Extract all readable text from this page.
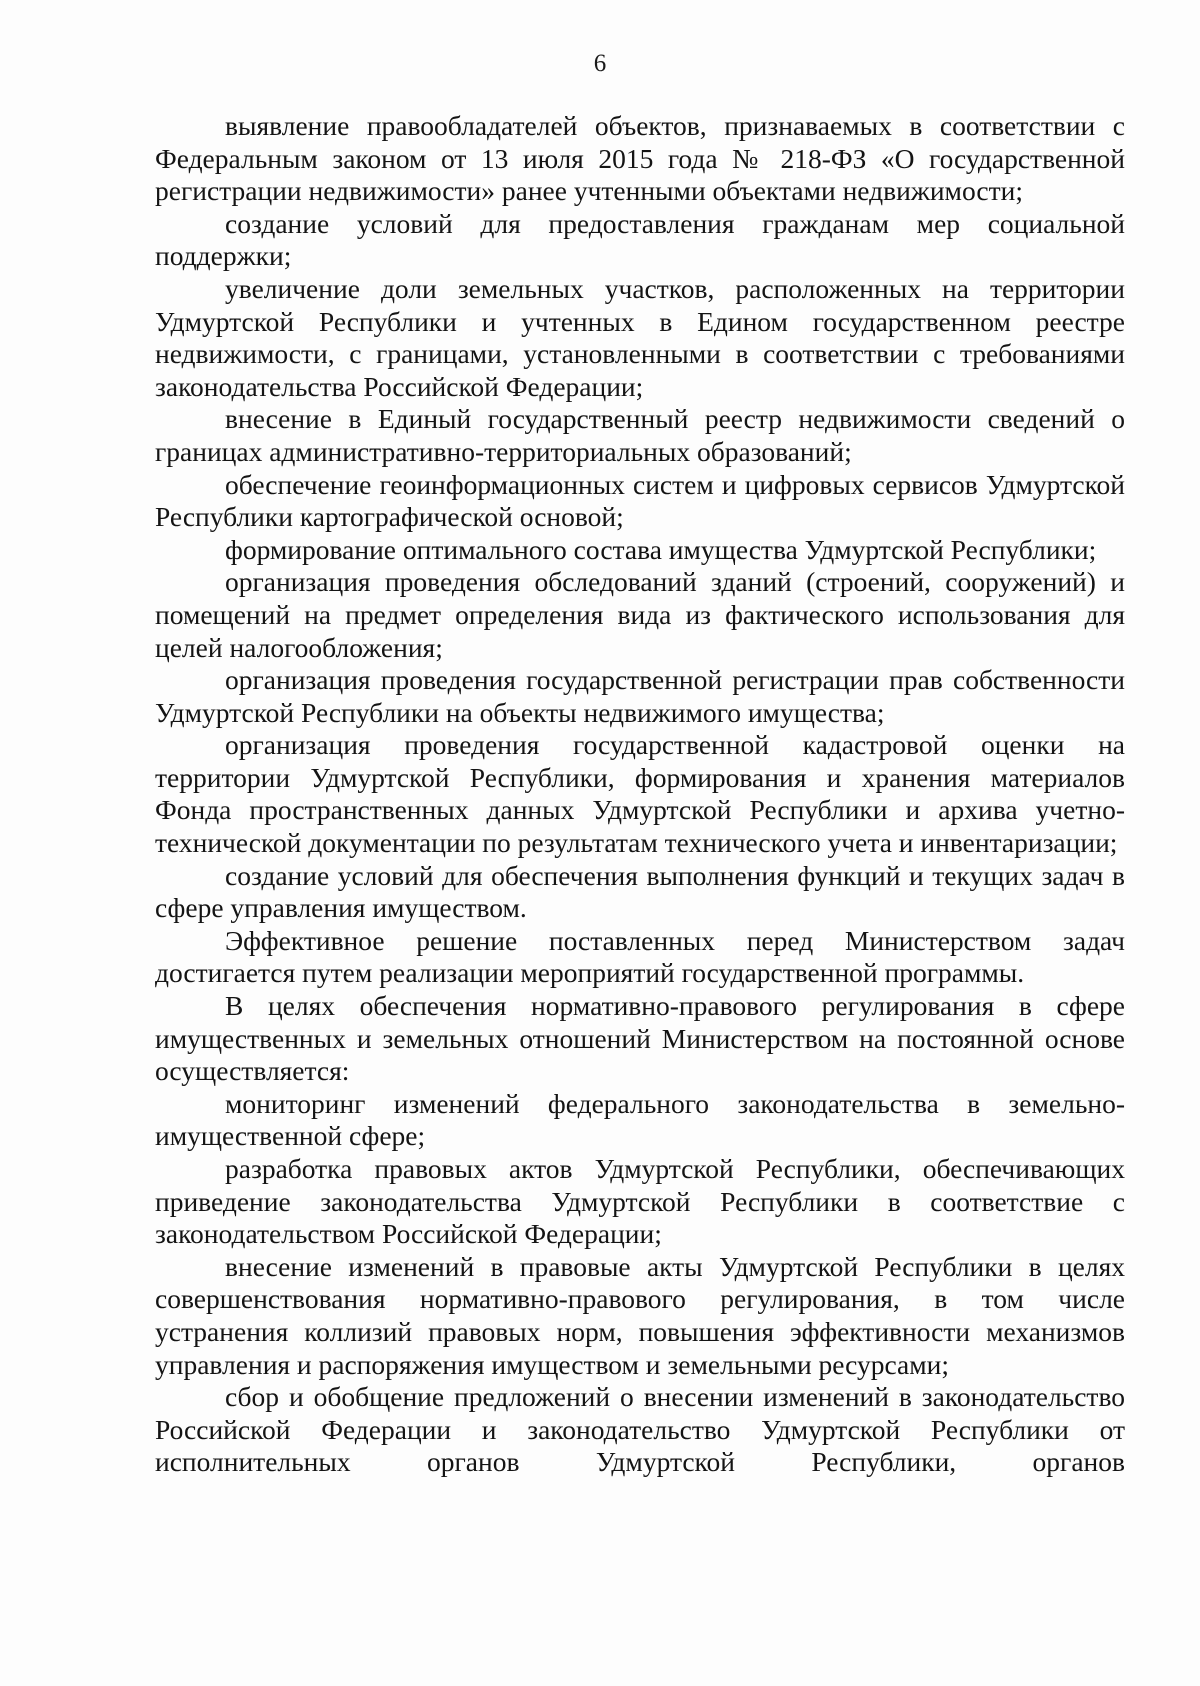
6

выявление правообладателей объектов, признаваемых в соответствии с Федеральным законом от 13 июля 2015 года № 218-ФЗ «О государственной регистрации недвижимости» ранее учтенными объектами недвижимости;

создание условий для предоставления гражданам мер социальной поддержки;

увеличение доли земельных участков, расположенных на территории Удмуртской Республики и учтенных в Едином государственном реестре недвижимости, с границами, установленными в соответствии с требованиями законодательства Российской Федерации;

внесение в Единый государственный реестр недвижимости сведений о границах административно-территориальных образований;

обеспечение геоинформационных систем и цифровых сервисов Удмуртской Республики картографической основой;

формирование оптимального состава имущества Удмуртской Республики;

организация проведения обследований зданий (строений, сооружений) и помещений на предмет определения вида из фактического использования для целей налогообложения;

организация проведения государственной регистрации прав собственности Удмуртской Республики на объекты недвижимого имущества;

организация проведения государственной кадастровой оценки на территории Удмуртской Республики, формирования и хранения материалов Фонда пространственных данных Удмуртской Республики и архива учетно-технической документации по результатам технического учета и инвентаризации;

создание условий для обеспечения выполнения функций и текущих задач в сфере управления имуществом.

Эффективное решение поставленных перед Министерством задач достигается путем реализации мероприятий государственной программы.

В целях обеспечения нормативно-правового регулирования в сфере имущественных и земельных отношений Министерством на постоянной основе осуществляется:

мониторинг изменений федерального законодательства в земельно-имущественной сфере;

разработка правовых актов Удмуртской Республики, обеспечивающих приведение законодательства Удмуртской Республики в соответствие с законодательством Российской Федерации;

внесение изменений в правовые акты Удмуртской Республики в целях совершенствования нормативно-правового регулирования, в том числе устранения коллизий правовых норм, повышения эффективности механизмов управления и распоряжения имуществом и земельными ресурсами;

сбор и обобщение предложений о внесении изменений в законодательство Российской Федерации и законодательство Удмуртской Республики от исполнительных органов Удмуртской Республики, органов
